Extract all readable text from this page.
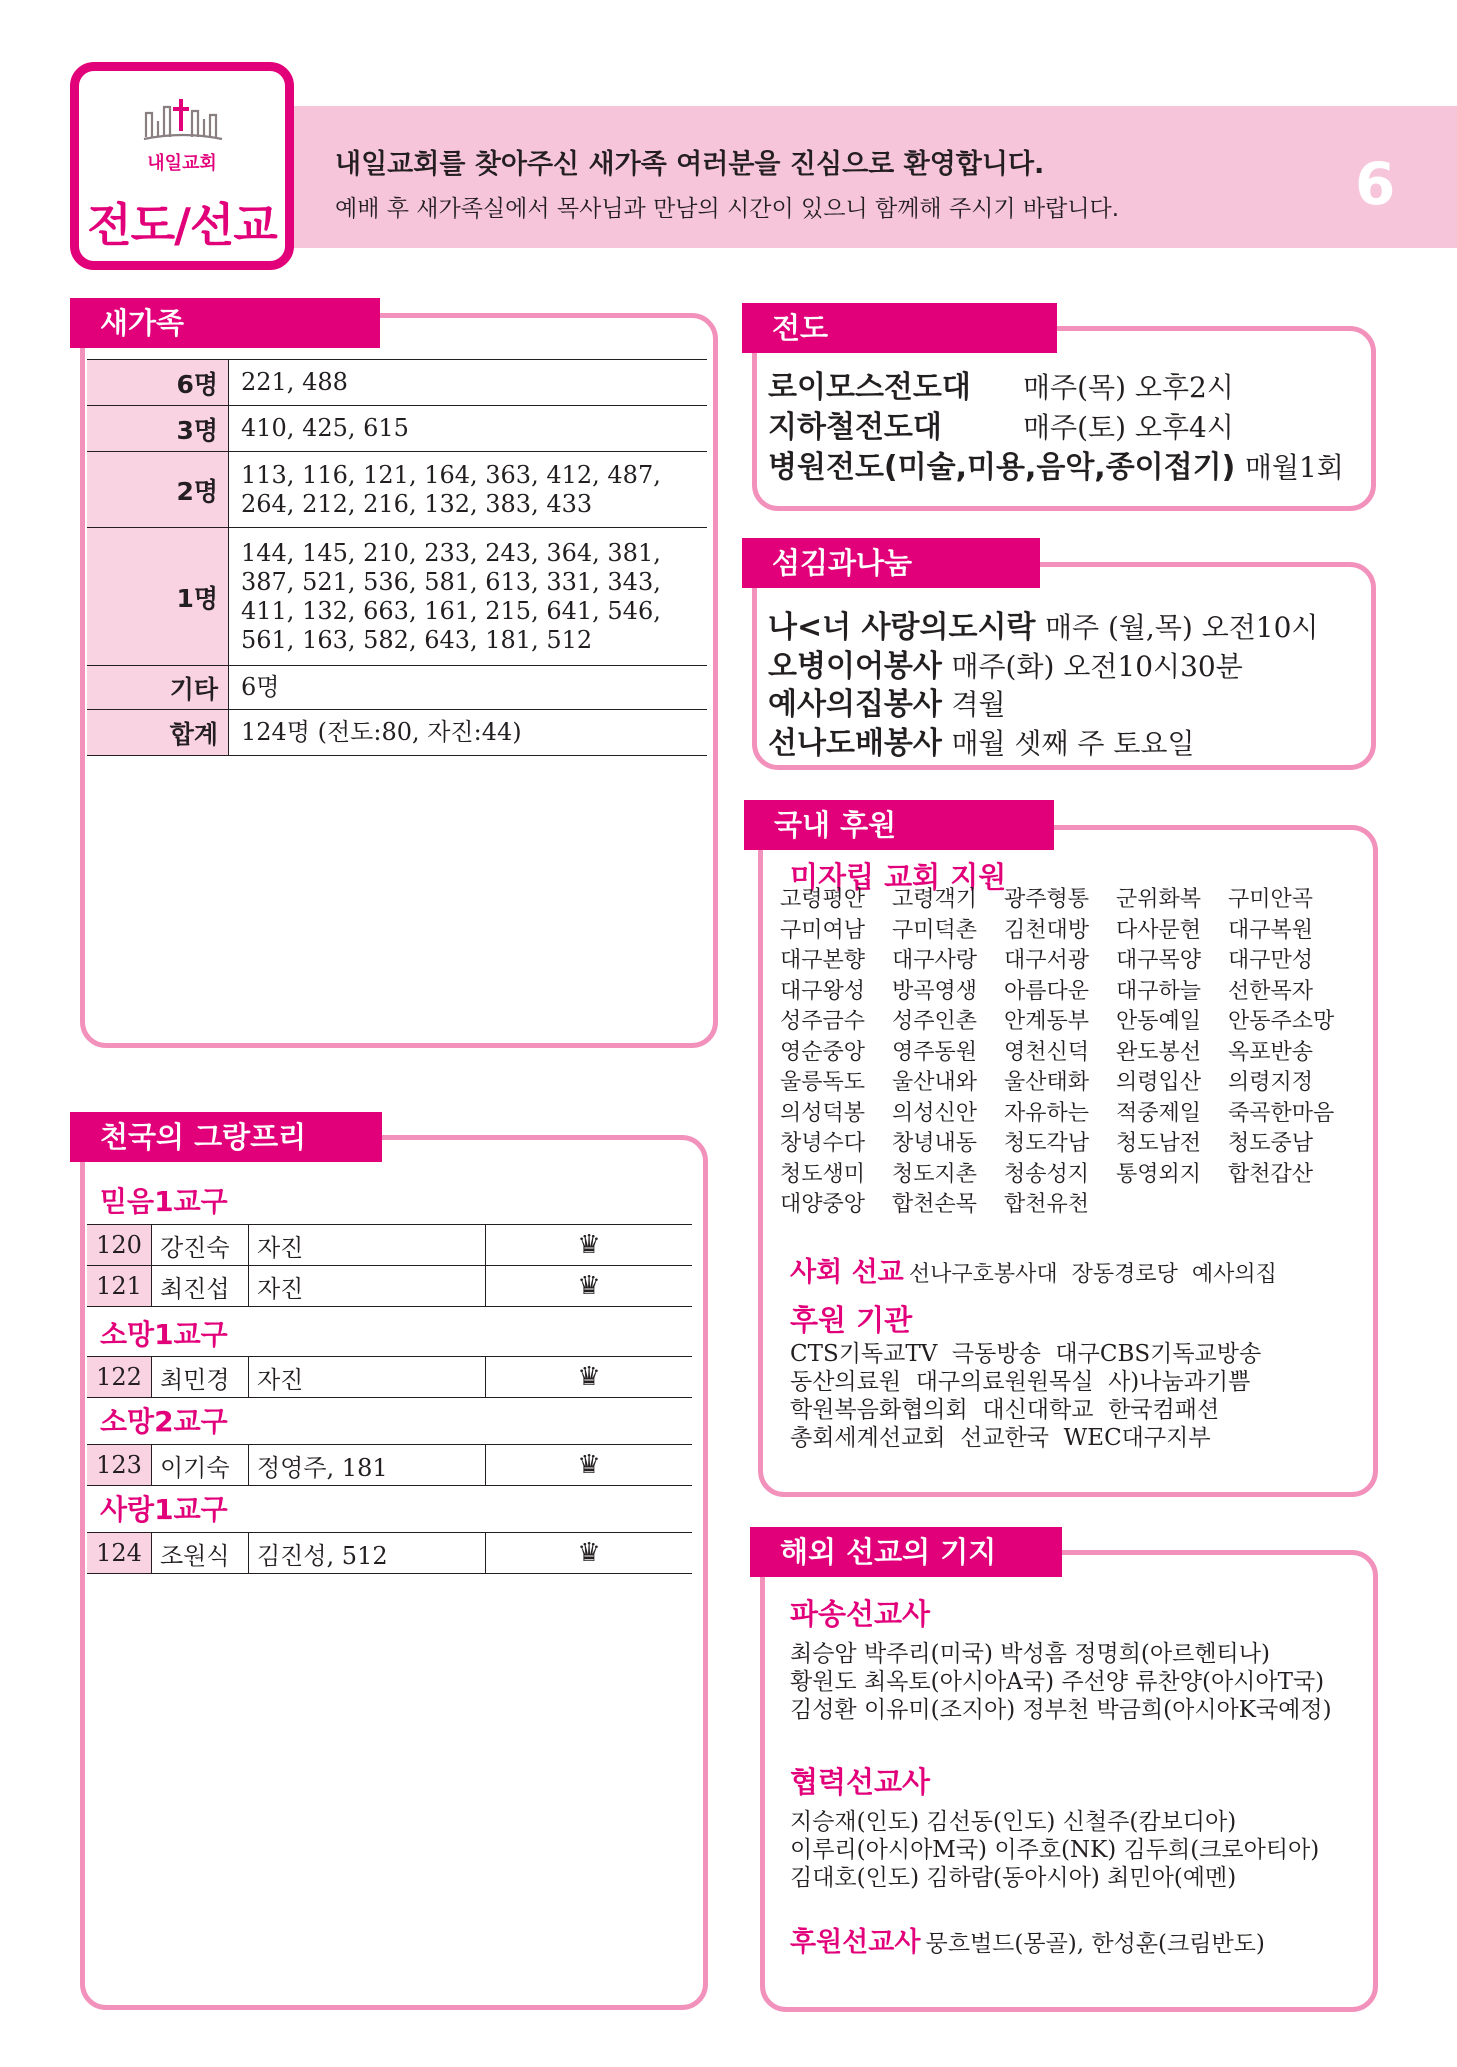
내일교회
전도/선교
내일교회를 찾아주신 새가족 여러분을 진심으로 환영합니다.
예배 후 새가족실에서 목사님과 만남의 시간이 있으니 함께해 주시기 바랍니다.	6
새가족
6명	221, 488
3명	410, 425, 615
2명	113, 116, 121, 164, 363, 412, 487,
264, 212, 216, 132, 383, 433

1명	144, 145, 210, 233, 243, 364, 381,
387, 521, 536, 581, 613, 331, 343,
411, 132, 663, 161, 215, 641, 546,
561, 163, 582, 643, 181, 512

기타	6명
합계	124명 (전도:80, 자진:44)
천국의 그랑프리
믿음1교구
120	강진숙	자진	♛
121	최진섭	자진	♛
소망1교구
122	최민경	자진	♛
소망2교구
123	이기숙	정영주, 181	♛
사랑1교구
124	조원식	김진성, 512	♛
전도
로이모스전도대 매주(목) 오후2시
지하철전도대	매주(토) 오후4시
병원전도(미술,미용,음악,종이접기) 매월1회
섬김과나눔
나<너 사랑의도시락 매주 (월,목) 오전10시
오병이어봉사 매주(화) 오전10시30분
예사의집봉사 격월
선나도배봉사 매월 셋째 주 토요일
국내 후원
미자립 교회 지원
고령평안	고령객기	광주형통	군위화복	구미안곡
구미여남	구미덕촌	김천대방	다사문현	대구복원
대구본향	대구사랑	대구서광	대구목양	대구만성
대구왕성	방곡영생	아름다운	대구하늘	선한목자
성주금수	성주인촌	안계동부	안동예일	안동주소망
영순중앙	영주동원	영천신덕	완도봉선	옥포반송
울릉독도	울산내와	울산태화	의령입산	의령지정
의성덕봉	의성신안	자유하는	적중제일	죽곡한마음
창녕수다	창녕내동	청도각남	청도남전	청도중남
청도생미	청도지촌	청송성지	통영외지	합천갑산
대양중앙	합천손목	합천유천
사회 선교 선나구호봉사대  장동경로당  예사의집
후원 기관
CTS기독교TV  극동방송  대구CBS기독교방송
동산의료원  대구의료원원목실  사)나눔과기쁨
학원복음화협의회  대신대학교  한국컴패션
총회세계선교회  선교한국  WEC대구지부
해외 선교의 기지
파송선교사
최승암 박주리(미국) 박성흠 정명희(아르헨티나)
황원도 최옥토(아시아A국) 주선양 류찬양(아시아T국)
김성환 이유미(조지아) 정부천 박금희(아시아K국예정)
협력선교사
지승재(인도) 김선동(인도) 신철주(캄보디아)
이루리(아시아M국) 이주호(NK) 김두희(크로아티아)
김대호(인도) 김하람(동아시아) 최민아(예멘)
후원선교사 뭉흐벌드(몽골), 한성훈(크림반도)
